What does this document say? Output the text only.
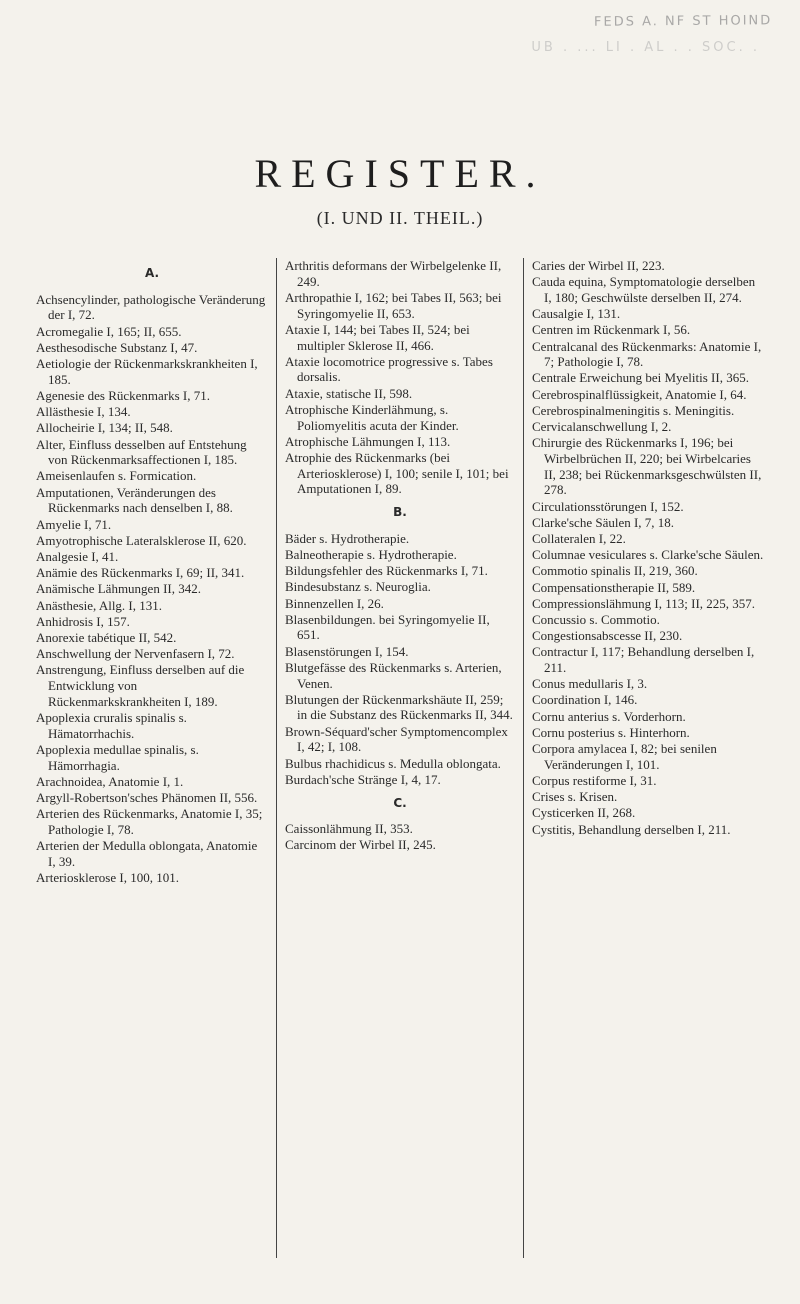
FEDS A. NF ST HOIND
UB . ... LI . AL . . SOC. .
REGISTER.
(I. UND II. THEIL.)
A.
Achsencylinder, pathologische Veränderung der I, 72.
Acromegalie I, 165; II, 655.
Aesthesodische Substanz I, 47.
Aetiologie der Rückenmarkskrankheiten I, 185.
Agenesie des Rückenmarks I, 71.
Allästhesie I, 134.
Allocheirie I, 134; II, 548.
Alter, Einfluss desselben auf Entstehung von Rückenmarksaffectionen I, 185.
Ameisenlaufen s. Formication.
Amputationen, Veränderungen des Rückenmarks nach denselben I, 88.
Amyelie I, 71.
Amyotrophische Lateralsklerose II, 620.
Analgesie I, 41.
Anämie des Rückenmarks I, 69; II, 341.
Anämische Lähmungen II, 342.
Anästhesie, Allg. I, 131.
Anhidrosis I, 157.
Anorexie tabétique II, 542.
Anschwellung der Nervenfasern I, 72.
Anstrengung, Einfluss derselben auf die Entwicklung von Rückenmarkskrankheiten I, 189.
Apoplexia cruralis spinalis s. Hämatorrhachis.
Apoplexia medullae spinalis, s. Hämorrhagia.
Arachnoidea, Anatomie I, 1.
Argyll-Robertson'sches Phänomen II, 556.
Arterien des Rückenmarks, Anatomie I, 35; Pathologie I, 78.
Arterien der Medulla oblongata, Anatomie I, 39.
Arteriosklerose I, 100, 101.
Arthritis deformans der Wirbelgelenke II, 249.
Arthropathie I, 162; bei Tabes II, 563; bei Syringomyelie II, 653.
Ataxie I, 144; bei Tabes II, 524; bei multipler Sklerose II, 466.
Ataxie locomotrice progressive s. Tabes dorsalis.
Ataxie, statische II, 598.
Atrophische Kinderlähmung, s. Poliomyelitis acuta der Kinder.
Atrophische Lähmungen I, 113.
Atrophie des Rückenmarks (bei Arteriosklerose) I, 100; senile I, 101; bei Amputationen I, 89.
B.
Bäder s. Hydrotherapie.
Balneotherapie s. Hydrotherapie.
Bildungsfehler des Rückenmarks I, 71.
Bindesubstanz s. Neuroglia.
Binnenzellen I, 26.
Blasenbildungen. bei Syringomyelie II, 651.
Blasenstörungen I, 154.
Blutgefässe des Rückenmarks s. Arterien, Venen.
Blutungen der Rückenmarkshäute II, 259; in die Substanz des Rückenmarks II, 344.
Brown-Séquard'scher Symptomencomplex I, 42; I, 108.
Bulbus rhachidicus s. Medulla oblongata.
Burdach'sche Stränge I, 4, 17.
C.
Caissonlähmung II, 353.
Carcinom der Wirbel II, 245.
Caries der Wirbel II, 223.
Cauda equina, Symptomatologie derselben I, 180; Geschwülste derselben II, 274.
Causalgie I, 131.
Centren im Rückenmark I, 56.
Centralcanal des Rückenmarks: Anatomie I, 7; Pathologie I, 78.
Centrale Erweichung bei Myelitis II, 365.
Cerebrospinalflüssigkeit, Anatomie I, 64.
Cerebrospinalmeningitis s. Meningitis.
Cervicalanschwellung I, 2.
Chirurgie des Rückenmarks I, 196; bei Wirbelbrüchen II, 220; bei Wirbelcaries II, 238; bei Rückenmarksgeschwülsten II, 278.
Circulationsstörungen I, 152.
Clarke'sche Säulen I, 7, 18.
Collateralen I, 22.
Columnae vesiculares s. Clarke'sche Säulen.
Commotio spinalis II, 219, 360.
Compensationstherapie II, 589.
Compressionslähmung I, 113; II, 225, 357.
Concussio s. Commotio.
Congestionsabscesse II, 230.
Contractur I, 117; Behandlung derselben I, 211.
Conus medullaris I, 3.
Coordination I, 146.
Cornu anterius s. Vorderhorn.
Cornu posterius s. Hinterhorn.
Corpora amylacea I, 82; bei senilen Veränderungen I, 101.
Corpus restiforme I, 31.
Crises s. Krisen.
Cysticerken II, 268.
Cystitis, Behandlung derselben I, 211.
